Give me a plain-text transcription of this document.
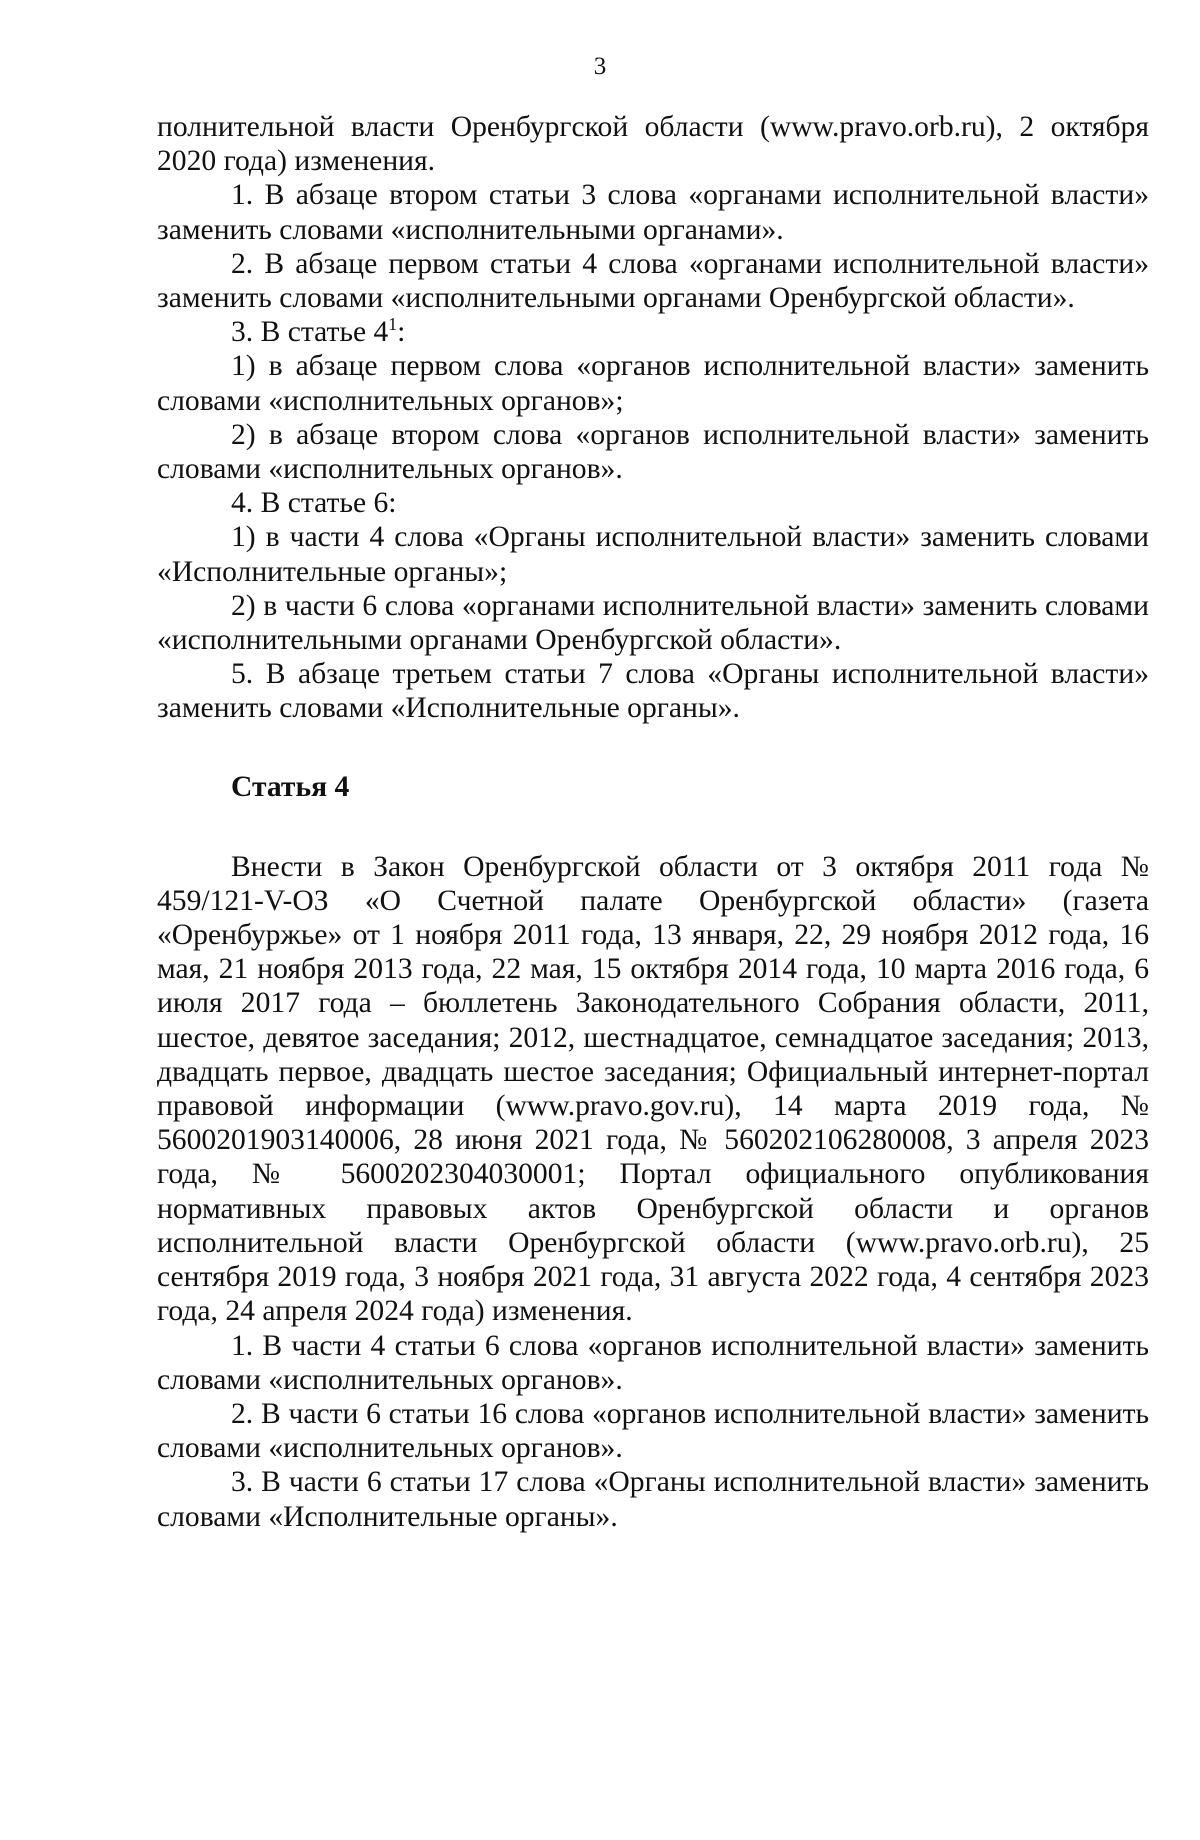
3

полнительной власти Оренбургской области (www.pravo.orb.ru), 2 октября 2020 года) изменения.

1. В абзаце втором статьи 3 слова «органами исполнительной власти» заменить словами «исполнительными органами».

2. В абзаце первом статьи 4 слова «органами исполнительной власти» заменить словами «исполнительными органами Оренбургской области».

3. В статье $4^1$:

1) в абзаце первом слова «органов исполнительной власти» заменить словами «исполнительных органов»;

2) в абзаце втором слова «органов исполнительной власти» заменить словами «исполнительных органов».

4. В статье 6:

1) в части 4 слова «Органы исполнительной власти» заменить словами «Исполнительные органы»;

2) в части 6 слова «органами исполнительной власти» заменить словами «исполнительными органами Оренбургской области».

5. В абзаце третьем статьи 7 слова «Органы исполнительной власти» заменить словами «Исполнительные органы».

Статья 4

Внести в Закон Оренбургской области от 3 октября 2011 года № 459/121-V-ОЗ «О Счетной палате Оренбургской области» (газета «Оренбуржье» от 1 ноября 2011 года, 13 января, 22, 29 ноября 2012 года, 16 мая, 21 ноября 2013 года, 22 мая, 15 октября 2014 года, 10 марта 2016 года, 6 июля 2017 года – бюллетень Законодательного Собрания области, 2011, шестое, девятое заседания; 2012, шестнадцатое, семнадцатое заседания; 2013, двадцать первое, двадцать шестое заседания; Официальный интернет-портал правовой информации (www.pravo.gov.ru), 14 марта 2019 года, № 5600201903140006, 28 июня 2021 года, № 560202106280008, 3 апреля 2023 года, № 5600202304030001; Портал официального опубликования нормативных правовых актов Оренбургской области и органов исполнительной власти Оренбургской области (www.pravo.orb.ru), 25 сентября 2019 года, 3 ноября 2021 года, 31 августа 2022 года, 4 сентября 2023 года, 24 апреля 2024 года) изменения.

1. В части 4 статьи 6 слова «органов исполнительной власти» заменить словами «исполнительных органов».

2. В части 6 статьи 16 слова «органов исполнительной власти» заменить словами «исполнительных органов».

3. В части 6 статьи 17 слова «Органы исполнительной власти» заменить словами «Исполнительные органы».
